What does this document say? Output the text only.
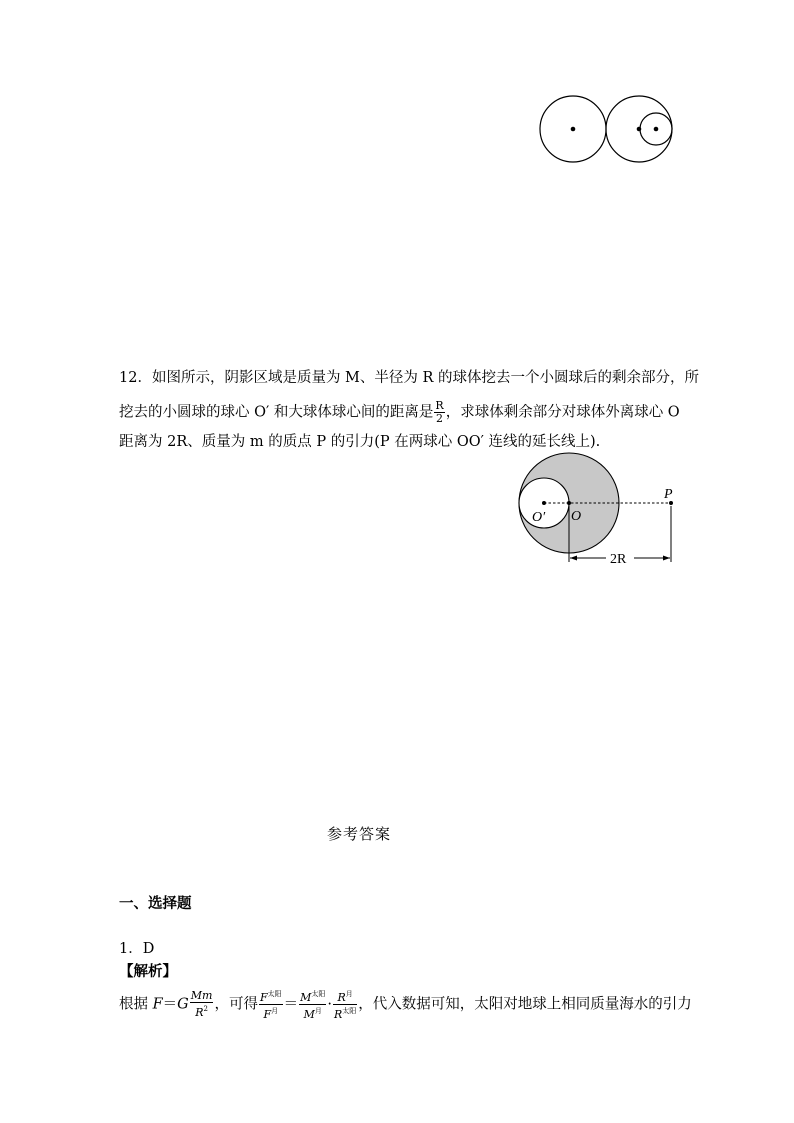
12．如图所示，阴影区域是质量为 M、半径为 R 的球体挖去一个小圆球后的剩余部分，所
挖去的小圆球的球心 O′ 和大球体球心间的距离是 $\frac{R}{2}$ ，求球体剩余部分对球体外离球心 O
距离为 2R、质量为 m 的质点 P 的引力(P 在两球心 OO′ 连线的延长线上).
P
O′ O
2R
参考答案
一、选择题
1．D
【解析】
根据 $F=G \frac{Mm}{R^2}$ ，可得 $\frac{F^{太阳}}{F^月} = \frac{M^{太阳}}{M^月} \cdot \frac{R^月}{R^{太阳}}$ ，代入数据可知，太阳对地球上相同质量海水的引力
